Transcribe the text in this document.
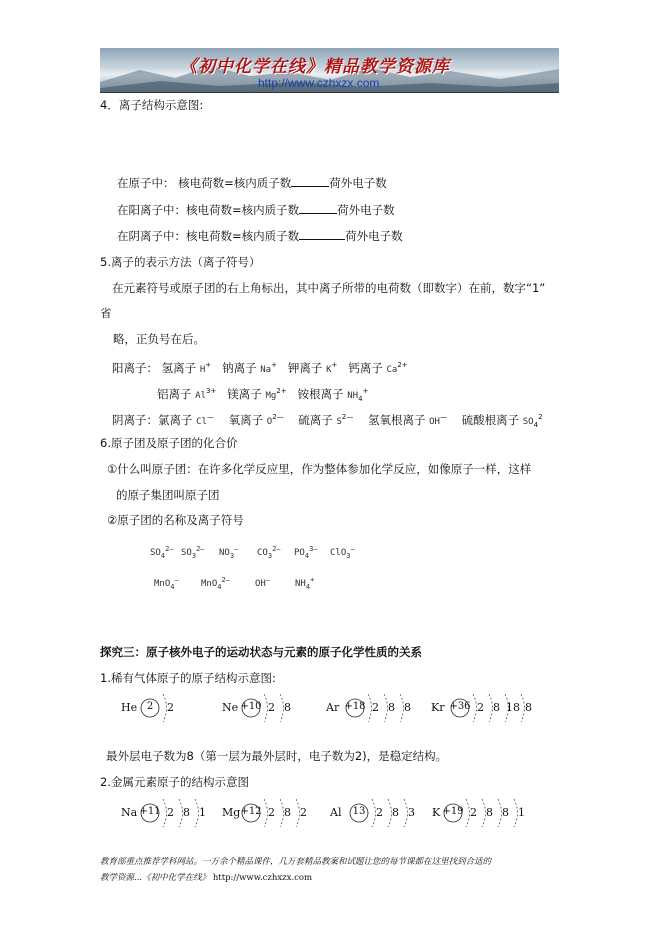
《初中化学在线》精品教学资源库
http://www.czhxzx.com
4．离子结构示意图:
在原子中： 核电荷数=核内质子数	荷外电子数
在阳离子中：核电荷数=核内质子数	荷外电子数
在阴离子中：核电荷数=核内质子数	荷外电子数
5.离子的表示方法（离子符号）
在元素符号或原子团的右上角标出，其中离子所带的电荷数（即数字）在前，数字“1”
省
略，正负号在后。
阳离子： 氢离子 H+ 钠离子 Na+ 钾离子 K+ 钙离子 $Ca^{2+}$
铝离子 $Al^{3+}$ 镁离子 $Mg^{2+}$ 铵根离子 $NH_4^+$
阴离子：氯离子 Cl— 氧离子 $O^{2—}$ 硫离子 $S^{2—}$ 氢氧根离子 OH— 硫酸根离子 $SO_4^2$
6.原子团及原子团的化合价
①什么叫原子团：在许多化学反应里，作为整体参加化学反应，如像原子一样，这样
的原子集团叫原子团
②原子团的名称及离子符号
$SO_4^{2—}$ $SO_3^{2—}$ $NO_3^—$ $CO_3^{2—}$ $PO_4^{3—}$ ClO$_3$—
MnO$_4$— MnO$_4^{2—}$	OH—	$NH_4^+$
探究三：原子核外电子的运动状态与元素的原子化学性质的关系
1.稀有气体原子的原子结构示意图:
He 2	2	Ne +10 2 8	Ar +18 2 8 8 Kr +36 2 8 18 8
最外层电子数为8（第一层为最外层时，电子数为2)，是稳定结构。
2.金属元素原子的结构示意图
Na +11 2 8 1 Mg +12 2 8 2 Al	13 2 8 3 K +19 2 8 8 1
教育部重点推荐学科网站。一万余个精品课件，几万套精品教案和试题让您的每节课都在这里找到合适的
教学资源...《初中化学在线》 http://www.czhxzx.com
